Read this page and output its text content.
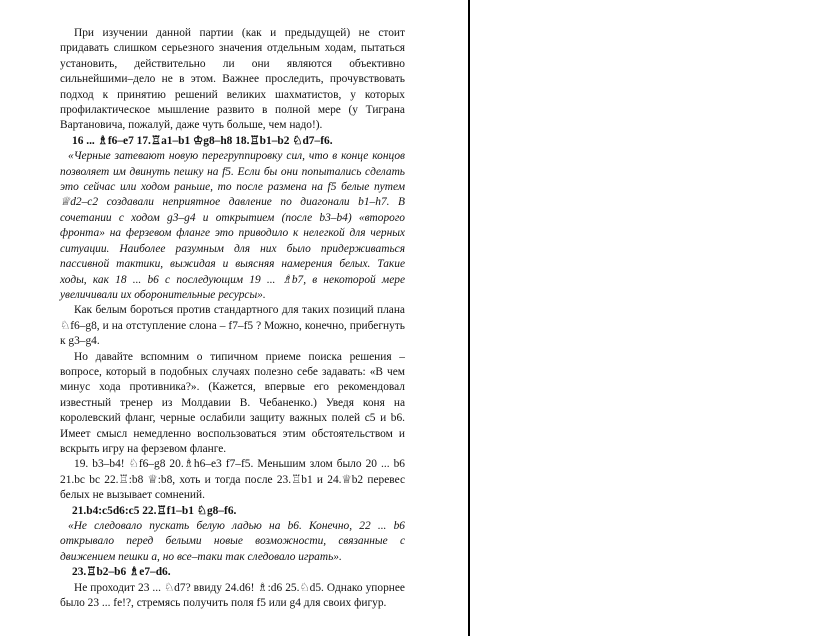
При изучении данной партии (как и предыдущей) не стоит придавать слишком серьезного значения отдельным ходам, пытаться установить, действительно ли они являются объективно сильнейшими–дело не в этом. Важнее проследить, прочувствовать подход к принятию решений великих шахматистов, у которых профилактическое мышление развито в полной мере (у Тиграна Вартановича, пожалуй, даже чуть больше, чем надо!).

16 ... ♗f6–e7 17.♖a1–b1 ♔g8–h8 18.♖b1–b2 ♘d7–f6.

«Черные затевают новую перегруппировку сил, что в конце концов позволяет им двинуть пешку на f5. Если бы они попытались сделать это сейчас или ходом раньше, то после размена на f5 белые путем ♕d2–c2 создавали неприятное давление по диагонали b1–h7. В сочетании с ходом g3–g4 и открытием (после b3–b4) «второго фронта» на ферзевом фланге это приводило к нелегкой для черных ситуации. Наиболее разумным для них было придерживаться пассивной тактики, выжидая и выясняя намерения белых. Такие ходы, как 18 ... b6 с последующим 19 ... ♗b7, в некоторой мере увеличивали их оборонительные ресурсы».

Как белым бороться против стандартного для таких позиций плана ♘f6–g8, и на отступление слона – f7–f5 ? Можно, конечно, прибегнуть к g3–g4.

Но давайте вспомним о типичном приеме поиска решения – вопросе, который в подобных случаях полезно себе задавать: «В чем минус хода противника?». (Кажется, впервые его рекомендовал известный тренер из Молдавии В. Чебаненко.) Уведя коня на королевский фланг, черные ослабили защиту важных полей c5 и b6. Имеет смысл немедленно воспользоваться этим обстоятельством и вскрыть игру на ферзевом фланге.

19. b3–b4! ♘f6–g8 20.♗h6–e3 f7–f5. Меньшим злом было 20 ... b6 21.bc bc 22.♖:b8 ♕:b8, хоть и тогда после 23.♖b1 и 24.♕b2 перевес белых не вызывает сомнений.

21.b4:c5d6:c5 22.♖f1–b1 ♘g8–f6.

«Не следовало пускать белую ладью на b6. Конечно, 22 ... b6 открывало перед белыми новые возможности, связанные с движением пешки a, но все–таки так следовало играть».

23.♖b2–b6 ♗e7–d6.

Не проходит 23 ... ♘d7? ввиду 24.d6! ♗:d6 25.♘d5. Однако упорнее было 23 ... fe!?, стремясь получить поля f5 или g4 для своих фигур.
